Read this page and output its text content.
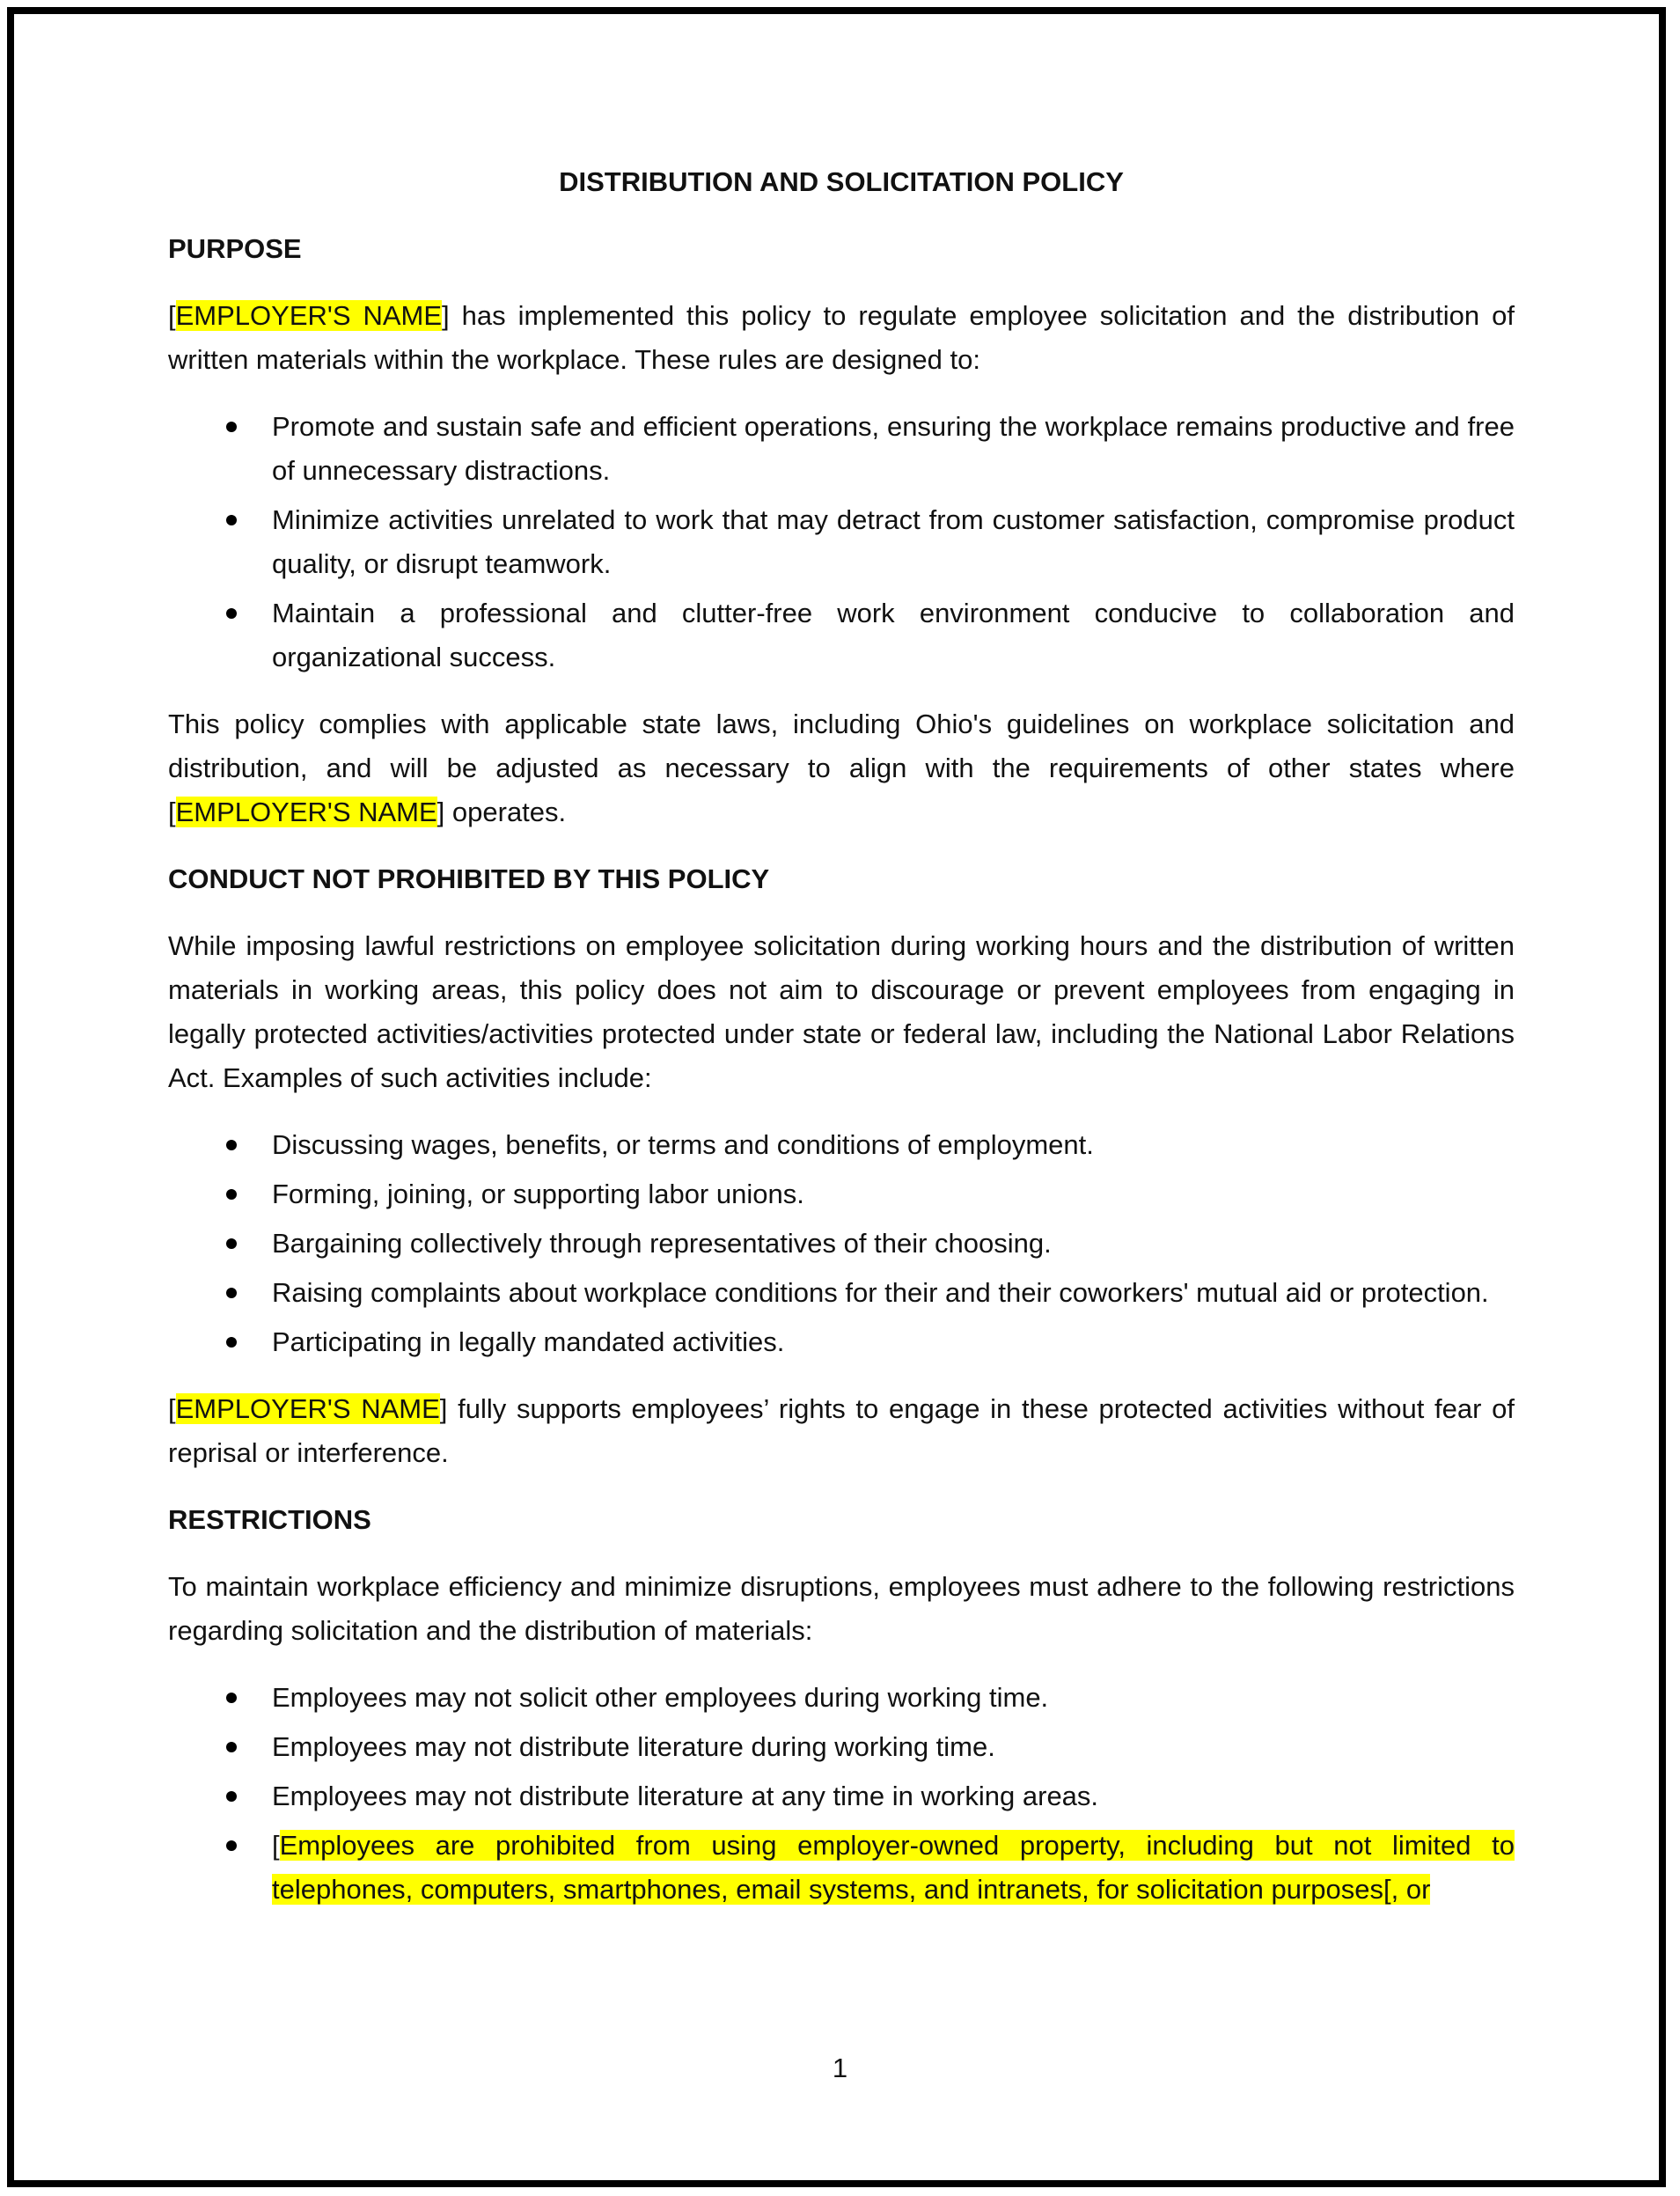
DISTRIBUTION AND SOLICITATION POLICY
PURPOSE

[EMPLOYER'S NAME] has implemented this policy to regulate employee solicitation and the distribution of written materials within the workplace. These rules are designed to:

Promote and sustain safe and efficient operations, ensuring the workplace remains productive and free of unnecessary distractions.
Minimize activities unrelated to work that may detract from customer satisfaction, compromise product quality, or disrupt teamwork.
Maintain a professional and clutter-free work environment conducive to collaboration and organizational success.

This policy complies with applicable state laws, including Ohio's guidelines on workplace solicitation and distribution, and will be adjusted as necessary to align with the requirements of other states where [EMPLOYER'S NAME] operates.

CONDUCT NOT PROHIBITED BY THIS POLICY

While imposing lawful restrictions on employee solicitation during working hours and the distribution of written materials in working areas, this policy does not aim to discourage or prevent employees from engaging in legally protected activities/activities protected under state or federal law, including the National Labor Relations Act. Examples of such activities include:

Discussing wages, benefits, or terms and conditions of employment.
Forming, joining, or supporting labor unions.
Bargaining collectively through representatives of their choosing.
Raising complaints about workplace conditions for their and their coworkers' mutual aid or protection.
Participating in legally mandated activities.

[EMPLOYER'S NAME] fully supports employees’ rights to engage in these protected activities without fear of reprisal or interference.

RESTRICTIONS

To maintain workplace efficiency and minimize disruptions, employees must adhere to the following restrictions regarding solicitation and the distribution of materials:

Employees may not solicit other employees during working time.
Employees may not distribute literature during working time.
Employees may not distribute literature at any time in working areas.
[Employees are prohibited from using employer-owned property, including but not limited to telephones, computers, smartphones, email systems, and intranets, for solicitation purposes[, or
1
